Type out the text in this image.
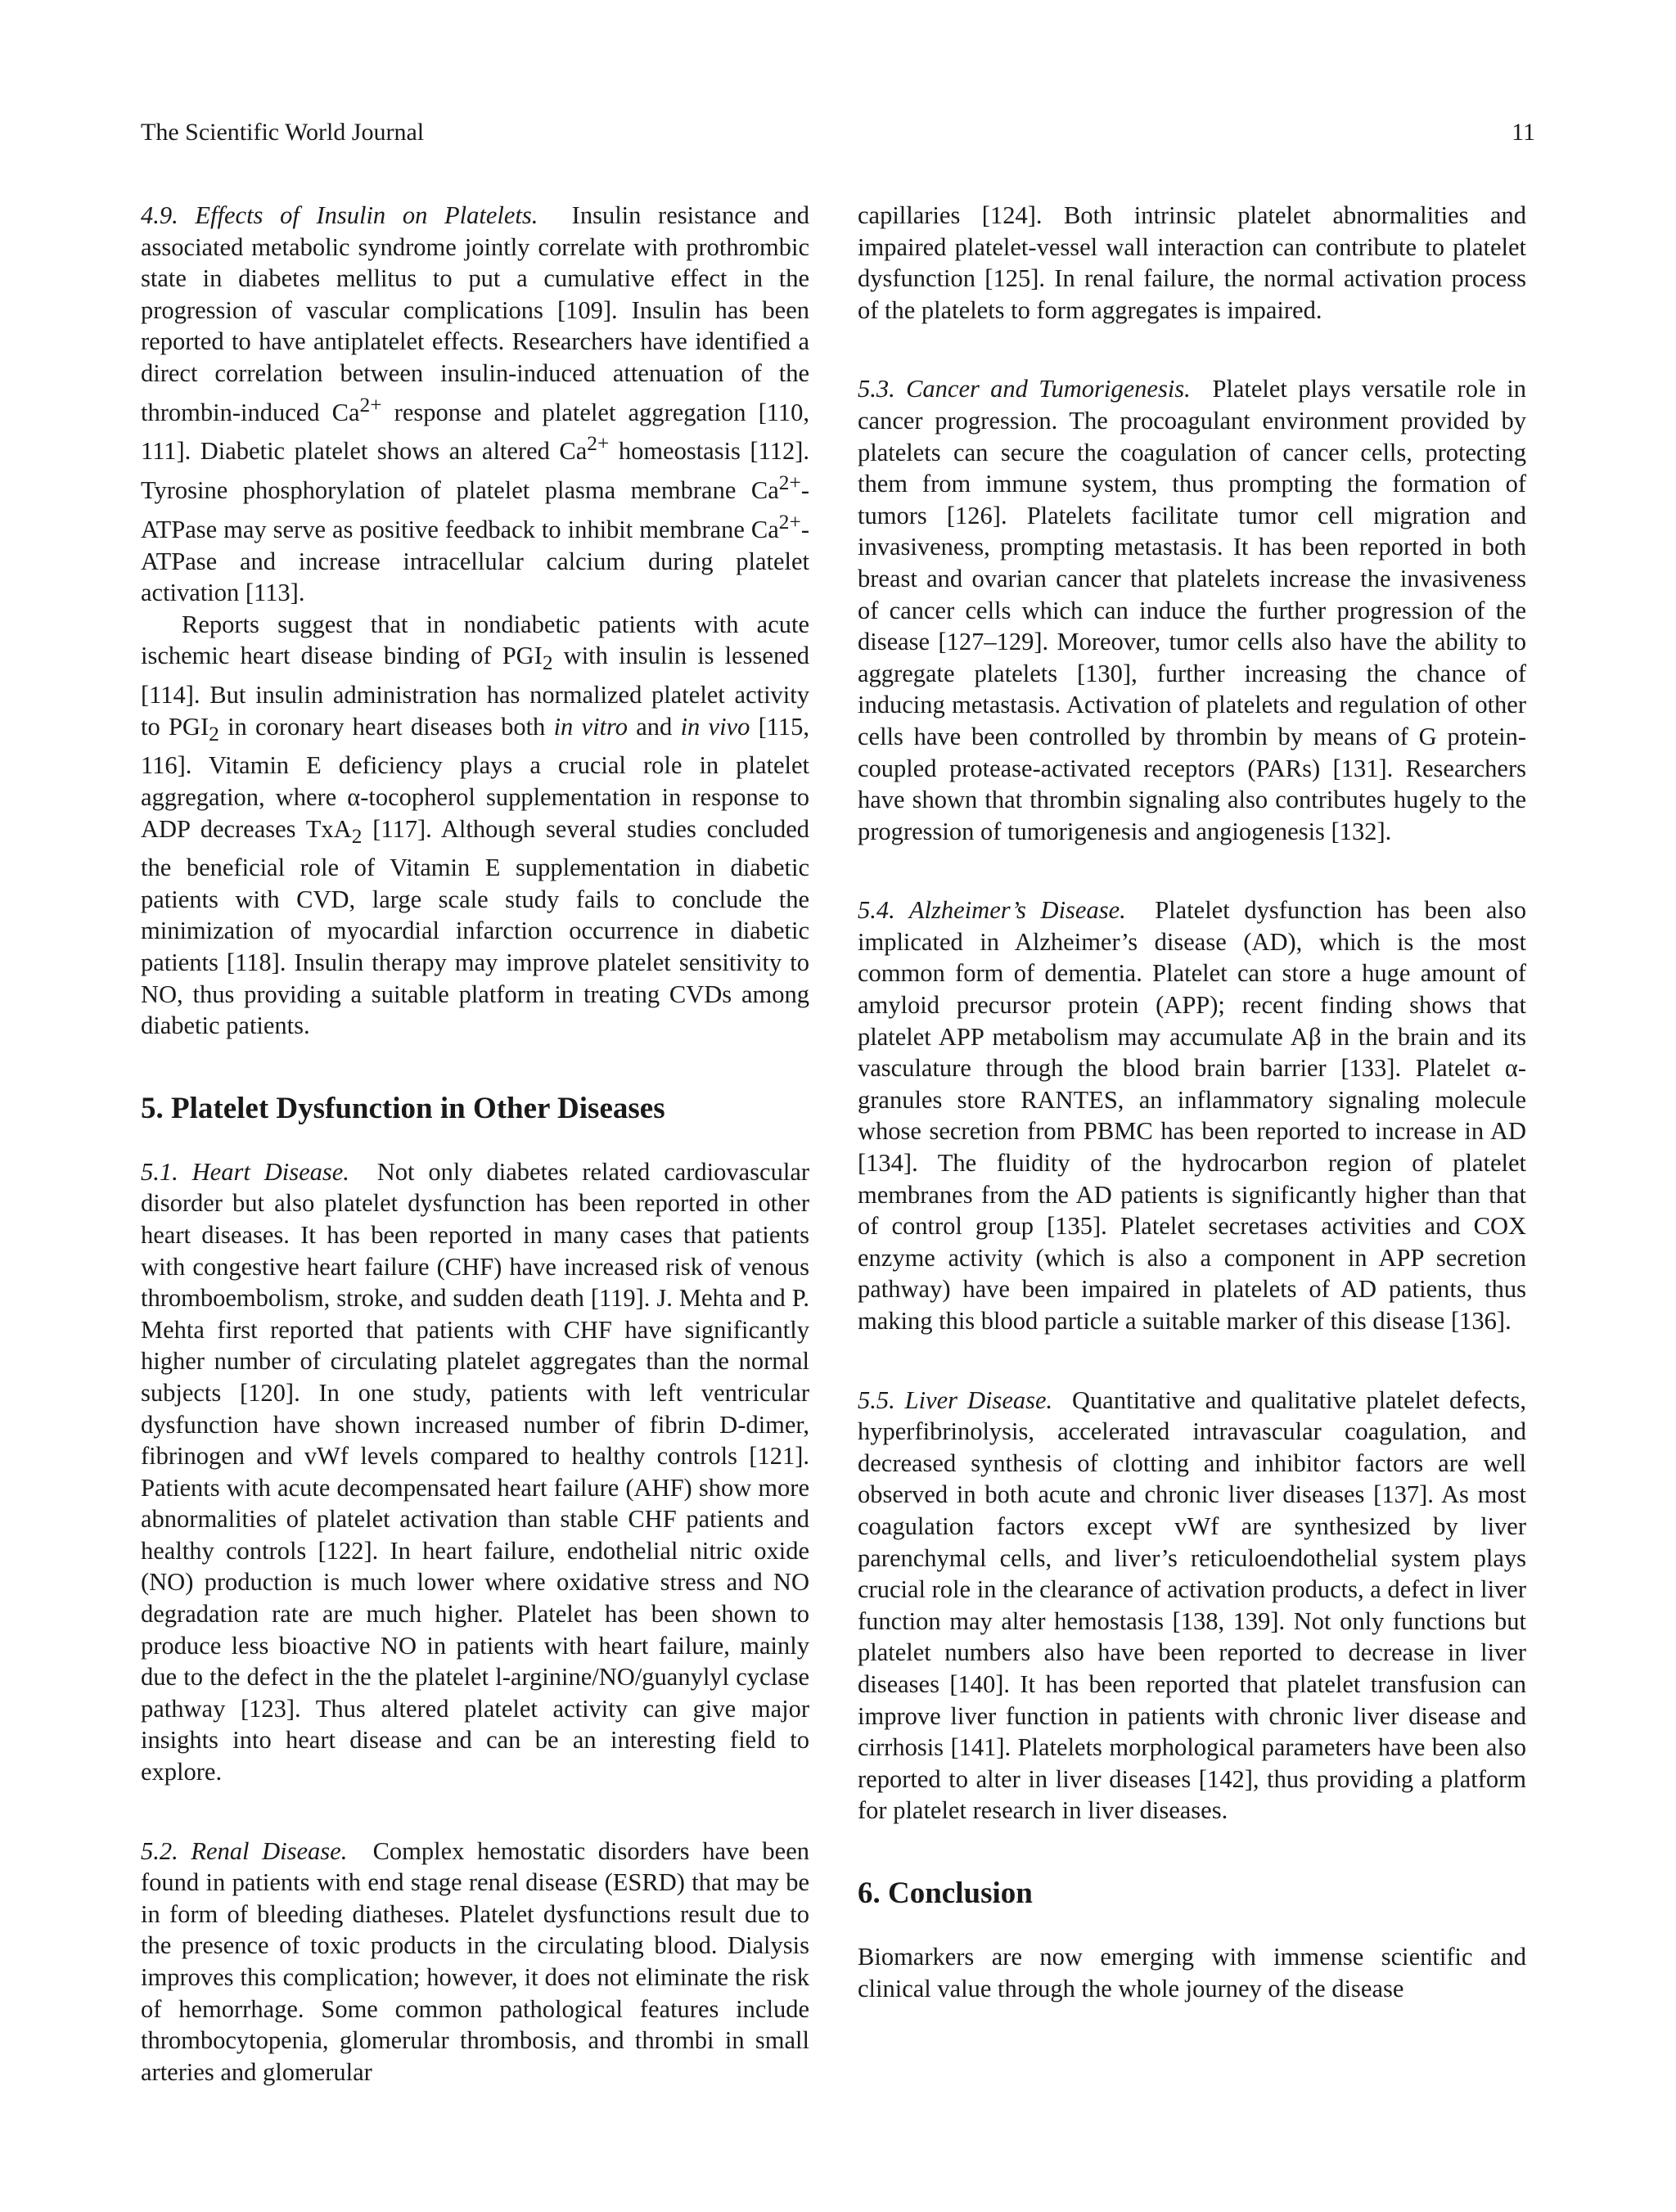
The Scientific World Journal	11

4.9. Effects of Insulin on Platelets. Insulin resistance and associated metabolic syndrome jointly correlate with prothrombic state in diabetes mellitus to put a cumulative effect in the progression of vascular complications [109]. Insulin has been reported to have antiplatelet effects. Researchers have identified a direct correlation between insulin-induced attenuation of the thrombin-induced $Ca^{2+}$ response and platelet aggregation [110, 111]. Diabetic platelet shows an altered $Ca^{2+}$ homeostasis [112]. Tyrosine phosphorylation of platelet plasma membrane $Ca^{2+}$-ATPase may serve as positive feedback to inhibit membrane $Ca^{2+}$-ATPase and increase intracellular calcium during platelet activation [113].

Reports suggest that in nondiabetic patients with acute ischemic heart disease binding of $PGI_2$ with insulin is lessened [114]. But insulin administration has normalized platelet activity to $PGI_2$ in coronary heart diseases both in vitro and in vivo [115, 116]. Vitamin E deficiency plays a crucial role in platelet aggregation, where α-tocopherol supplementation in response to ADP decreases TxA$_2$ [117]. Although several studies concluded the beneficial role of Vitamin E supplementation in diabetic patients with CVD, large scale study fails to conclude the minimization of myocardial infarction occurrence in diabetic patients [118]. Insulin therapy may improve platelet sensitivity to NO, thus providing a suitable platform in treating CVDs among diabetic patients.

5. Platelet Dysfunction in Other Diseases

5.1. Heart Disease. Not only diabetes related cardiovascular disorder but also platelet dysfunction has been reported in other heart diseases. It has been reported in many cases that patients with congestive heart failure (CHF) have increased risk of venous thromboembolism, stroke, and sudden death [119]. J. Mehta and P. Mehta first reported that patients with CHF have significantly higher number of circulating platelet aggregates than the normal subjects [120]. In one study, patients with left ventricular dysfunction have shown increased number of fibrin D-dimer, fibrinogen and vWf levels compared to healthy controls [121]. Patients with acute decompensated heart failure (AHF) show more abnormalities of platelet activation than stable CHF patients and healthy controls [122]. In heart failure, endothelial nitric oxide (NO) production is much lower where oxidative stress and NO degradation rate are much higher. Platelet has been shown to produce less bioactive NO in patients with heart failure, mainly due to the defect in the the platelet l-arginine/NO/guanylyl cyclase pathway [123]. Thus altered platelet activity can give major insights into heart disease and can be an interesting field to explore.

5.2. Renal Disease. Complex hemostatic disorders have been found in patients with end stage renal disease (ESRD) that may be in form of bleeding diatheses. Platelet dysfunctions result due to the presence of toxic products in the circulating blood. Dialysis improves this complication; however, it does not eliminate the risk of hemorrhage. Some common pathological features include thrombocytopenia, glomerular thrombosis, and thrombi in small arteries and glomerular

capillaries [124]. Both intrinsic platelet abnormalities and impaired platelet-vessel wall interaction can contribute to platelet dysfunction [125]. In renal failure, the normal activation process of the platelets to form aggregates is impaired.

5.3. Cancer and Tumorigenesis. Platelet plays versatile role in cancer progression. The procoagulant environment provided by platelets can secure the coagulation of cancer cells, protecting them from immune system, thus prompting the formation of tumors [126]. Platelets facilitate tumor cell migration and invasiveness, prompting metastasis. It has been reported in both breast and ovarian cancer that platelets increase the invasiveness of cancer cells which can induce the further progression of the disease [127–129]. Moreover, tumor cells also have the ability to aggregate platelets [130], further increasing the chance of inducing metastasis. Activation of platelets and regulation of other cells have been controlled by thrombin by means of G protein-coupled protease-activated receptors (PARs) [131]. Researchers have shown that thrombin signaling also contributes hugely to the progression of tumorigenesis and angiogenesis [132].

5.4. Alzheimer’s Disease. Platelet dysfunction has been also implicated in Alzheimer’s disease (AD), which is the most common form of dementia. Platelet can store a huge amount of amyloid precursor protein (APP); recent finding shows that platelet APP metabolism may accumulate Aβ in the brain and its vasculature through the blood brain barrier [133]. Platelet α-granules store RANTES, an inflammatory signaling molecule whose secretion from PBMC has been reported to increase in AD [134]. The fluidity of the hydrocarbon region of platelet membranes from the AD patients is significantly higher than that of control group [135]. Platelet secretases activities and COX enzyme activity (which is also a component in APP secretion pathway) have been impaired in platelets of AD patients, thus making this blood particle a suitable marker of this disease [136].

5.5. Liver Disease. Quantitative and qualitative platelet defects, hyperfibrinolysis, accelerated intravascular coagulation, and decreased synthesis of clotting and inhibitor factors are well observed in both acute and chronic liver diseases [137]. As most coagulation factors except vWf are synthesized by liver parenchymal cells, and liver’s reticuloendothelial system plays crucial role in the clearance of activation products, a defect in liver function may alter hemostasis [138, 139]. Not only functions but platelet numbers also have been reported to decrease in liver diseases [140]. It has been reported that platelet transfusion can improve liver function in patients with chronic liver disease and cirrhosis [141]. Platelets morphological parameters have been also reported to alter in liver diseases [142], thus providing a platform for platelet research in liver diseases.

6. Conclusion

Biomarkers are now emerging with immense scientific and clinical value through the whole journey of the disease
